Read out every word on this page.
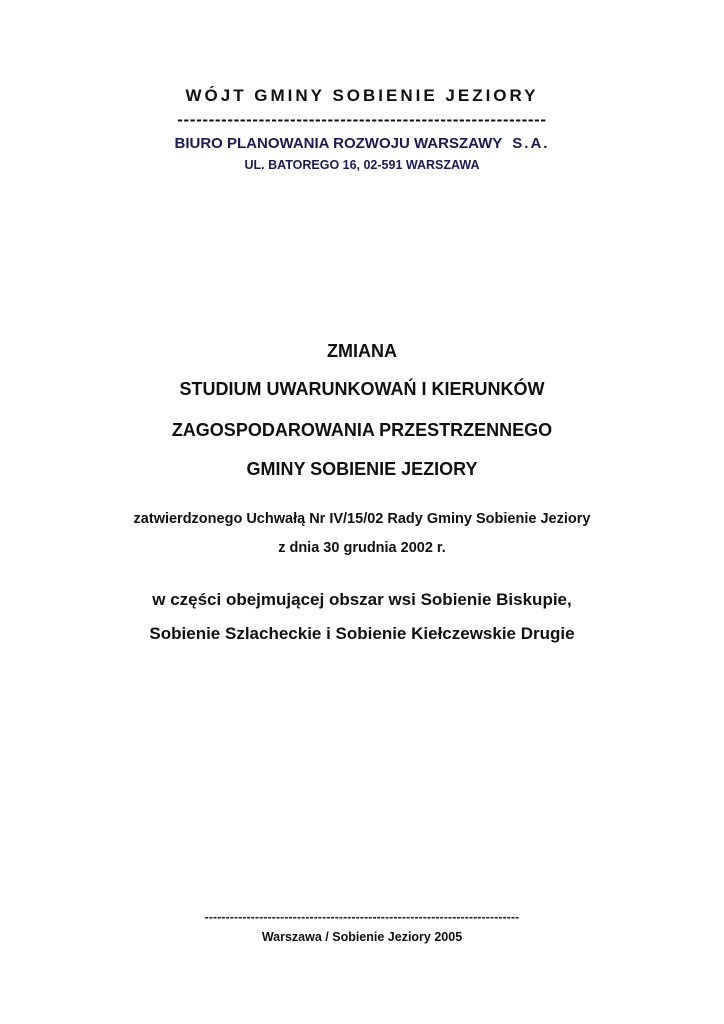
WÓJT GMINY SOBIENIE JEZIORY
-----------------------------------------------------------
BIURO PLANOWANIA ROZWOJU WARSZAWY S.A.
UL. BATOREGO 16, 02-591 WARSZAWA
ZMIANA
STUDIUM UWARUNKOWAŃ I KIERUNKÓW
ZAGOSPODAROWANIA PRZESTRZENNEGO
GMINY SOBIENIE JEZIORY
zatwierdzonego Uchwałą Nr IV/15/02 Rady Gminy Sobienie Jeziory
z dnia 30 grudnia 2002 r.
w części obejmującej obszar wsi Sobienie Biskupie,
Sobienie Szlacheckie i Sobienie Kiełczewskie Drugie
---------------------------------------------------------------------------
Warszawa / Sobienie Jeziory 2005
